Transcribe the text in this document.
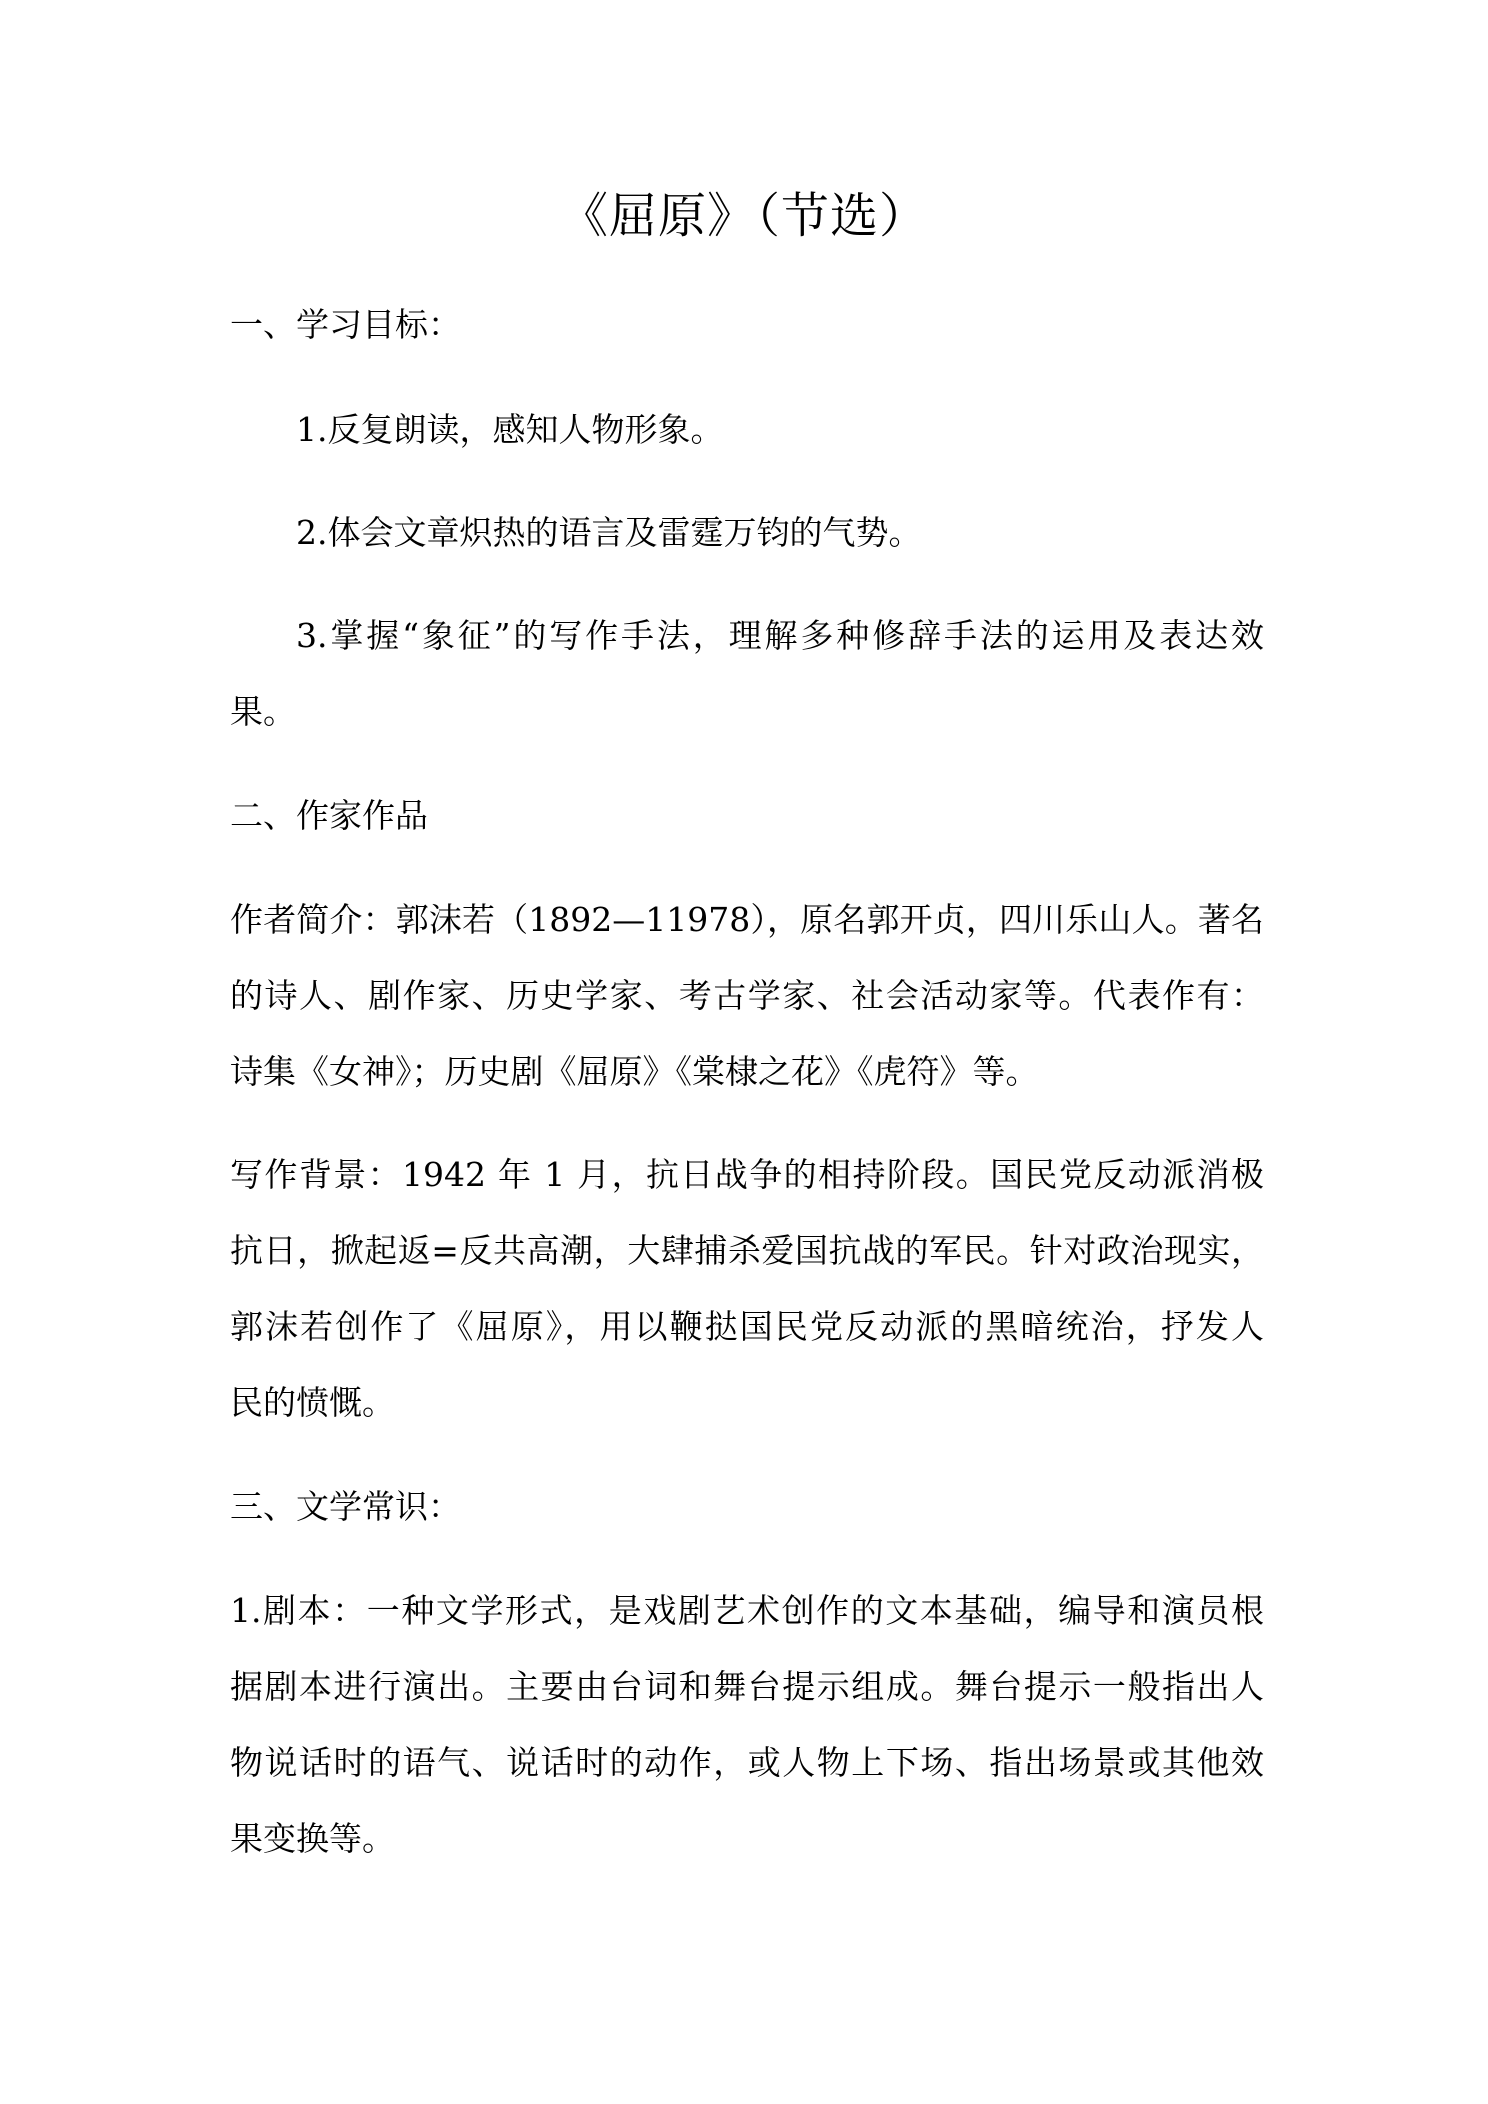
《屈原》（节选）

一、学习目标：

1.反复朗读，感知人物形象。

2.体会文章炽热的语言及雷霆万钧的气势。

3.掌握“象征”的写作手法，理解多种修辞手法的运用及表达效

果。

二、作家作品

作者简介：郭沫若（1892—11978），原名郭开贞，四川乐山人。著名

的诗人、剧作家、历史学家、考古学家、社会活动家等。代表作有：

诗集《女神》；历史剧《屈原》《棠棣之花》《虎符》等。

写作背景：1942 年 1 月，抗日战争的相持阶段。国民党反动派消极

抗日，掀起返=反共高潮，大肆捕杀爱国抗战的军民。针对政治现实，

郭沫若创作了《屈原》，用以鞭挞国民党反动派的黑暗统治，抒发人

民的愤慨。

三、文学常识：

1.剧本：一种文学形式，是戏剧艺术创作的文本基础，编导和演员根

据剧本进行演出。主要由台词和舞台提示组成。舞台提示一般指出人

物说话时的语气、说话时的动作，或人物上下场、指出场景或其他效

果变换等。
